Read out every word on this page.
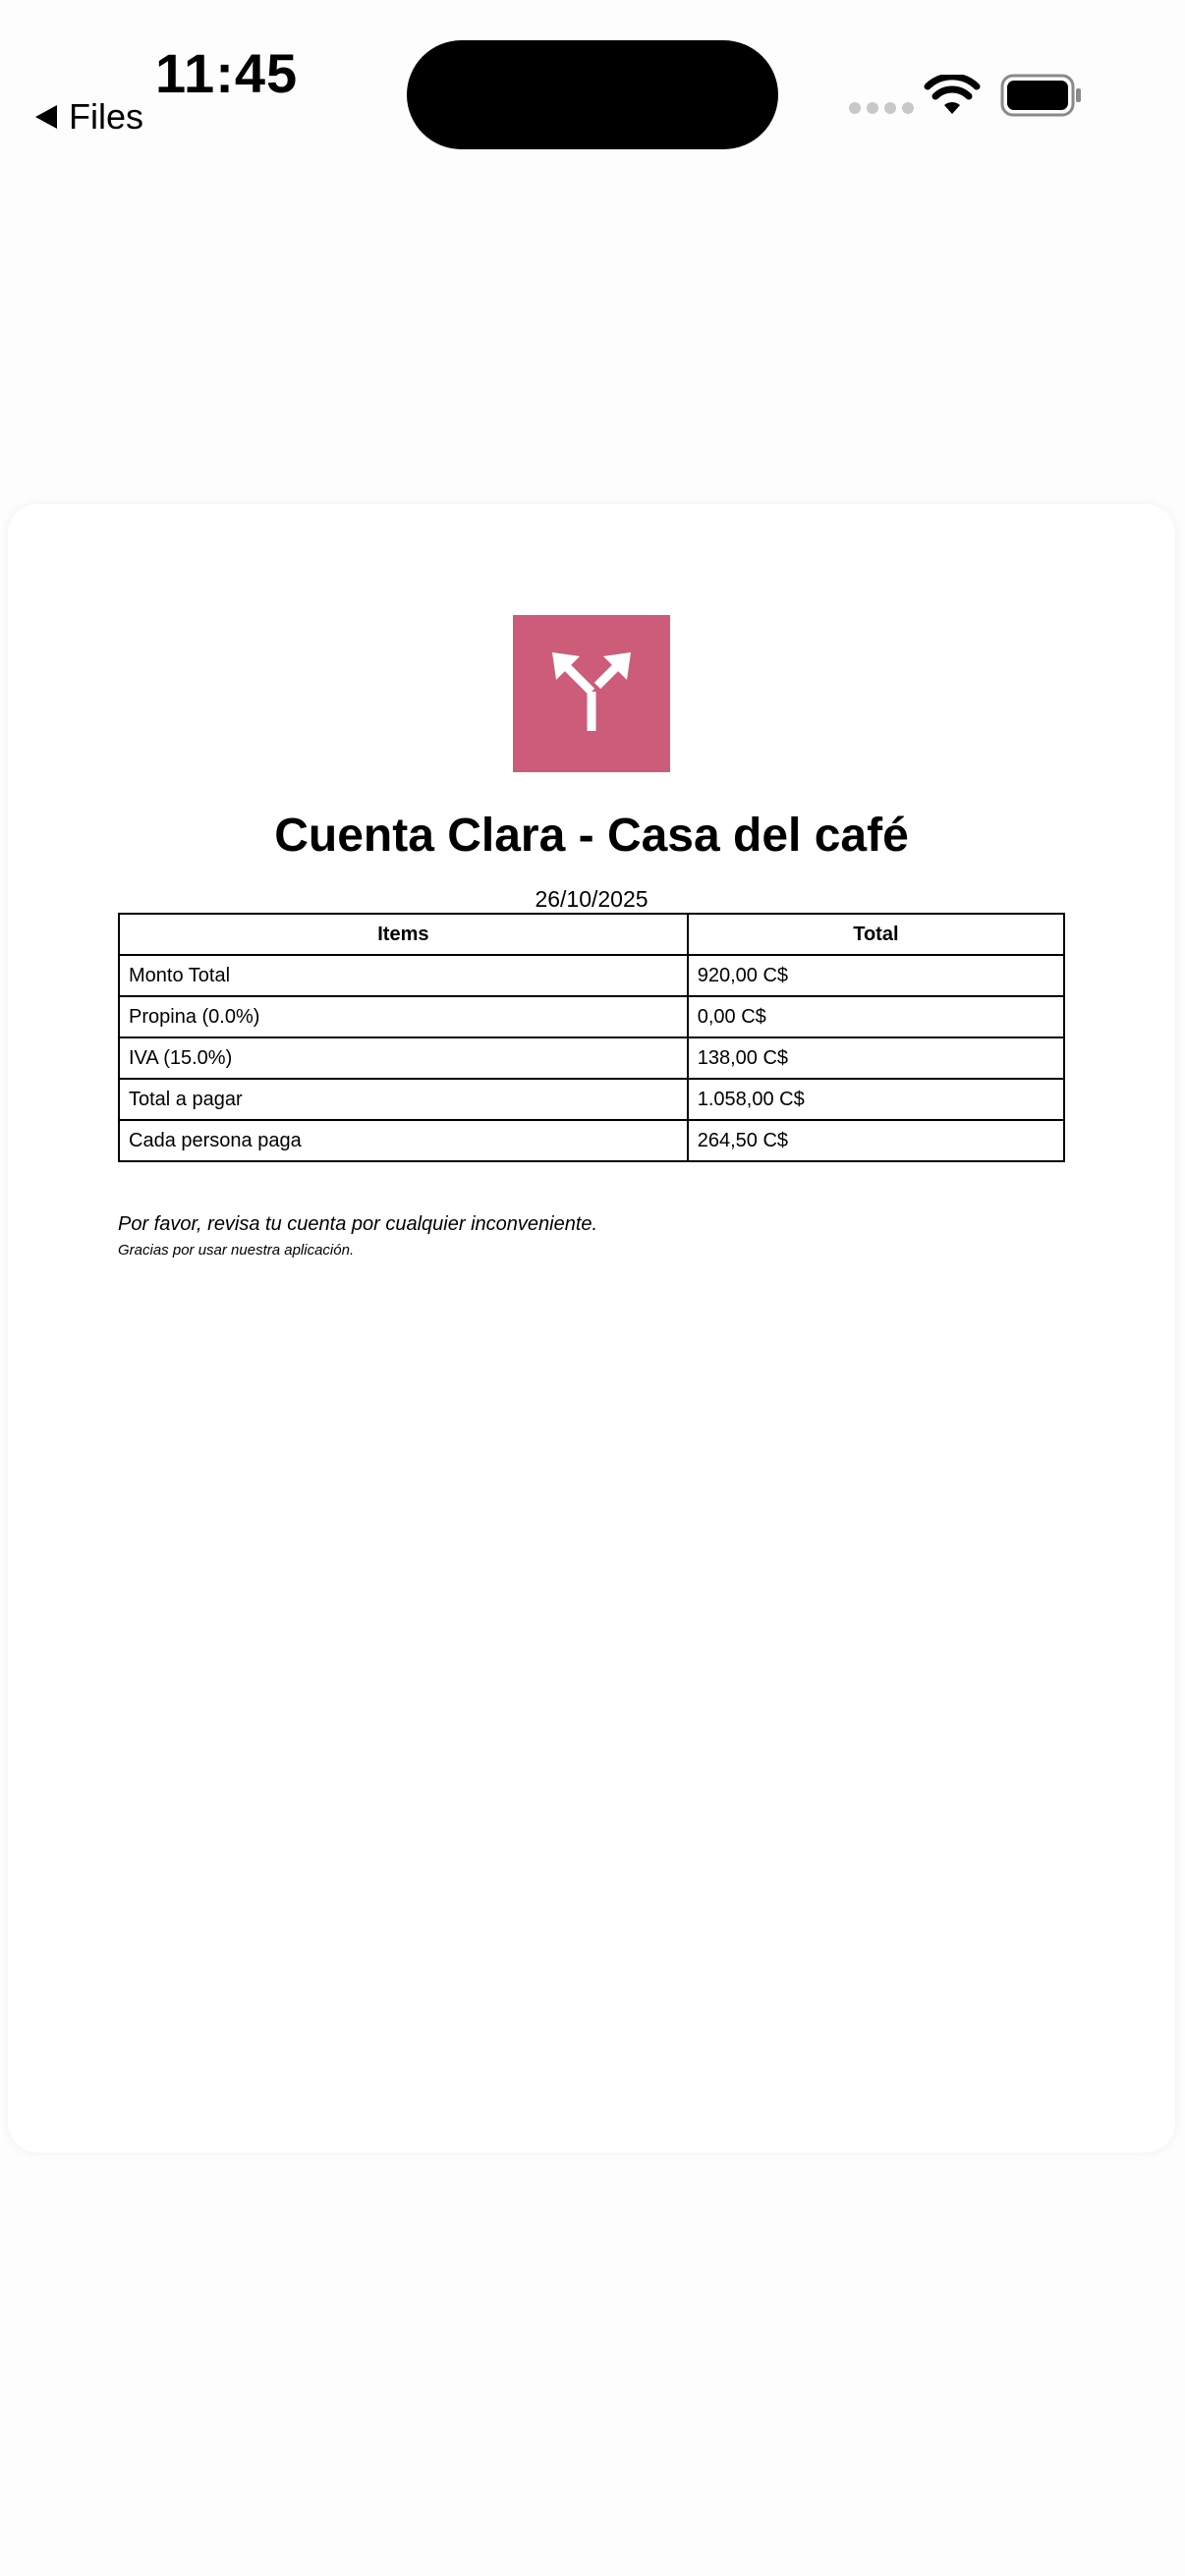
11:45
Files
Cuenta Clara - Casa del café
26/10/2025
Items	Total
Monto Total	920,00 C$
Propina (0.0%)	0,00 C$
IVA (15.0%)	138,00 C$
Total a pagar	1.058,00 C$
Cada persona paga	264,50 C$
Por favor, revisa tu cuenta por cualquier inconveniente.
Gracias por usar nuestra aplicación.
